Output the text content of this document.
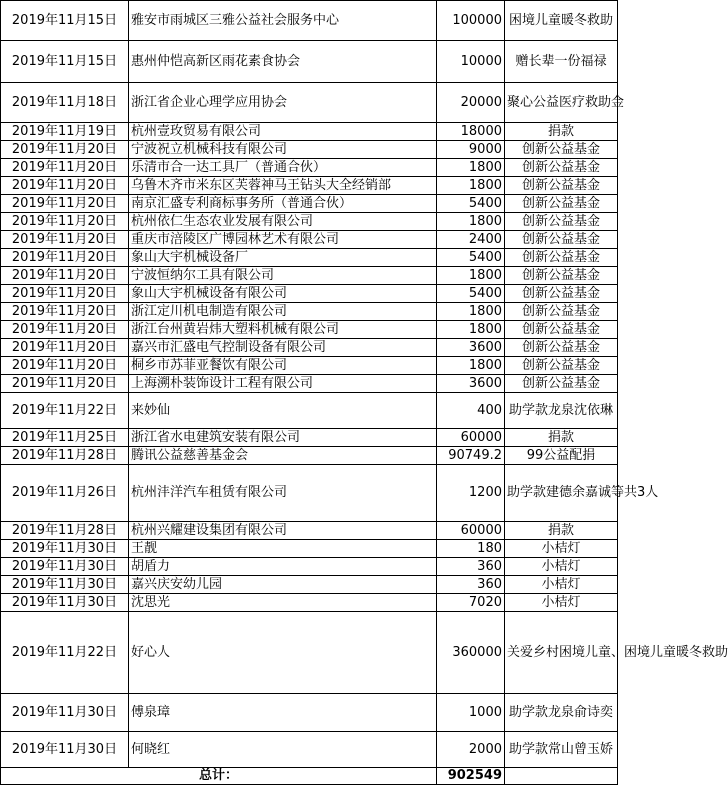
2019年11月15日	雅安市雨城区三雅公益社会服务中心	100000	困境儿童暖冬救助
2019年11月15日	惠州仲恺高新区雨花素食协会	10000	赠长辈一份福禄
2019年11月18日	浙江省企业心理学应用协会	20000	聚心公益医疗救助金
2019年11月19日	杭州壹玫贸易有限公司	18000	捐款
2019年11月20日	宁波祝立机械科技有限公司	9000	创新公益基金
2019年11月20日	乐清市合一达工具厂（普通合伙）	1800	创新公益基金
2019年11月20日	乌鲁木齐市米东区芙蓉神马王钻头大全经销部	1800	创新公益基金
2019年11月20日	南京汇盛专利商标事务所（普通合伙）	5400	创新公益基金
2019年11月20日	杭州依仁生态农业发展有限公司	1800	创新公益基金
2019年11月20日	重庆市涪陵区广博园林艺术有限公司	2400	创新公益基金
2019年11月20日	象山大宇机械设备厂	5400	创新公益基金
2019年11月20日	宁波恒纳尔工具有限公司	1800	创新公益基金
2019年11月20日	象山大宇机械设备有限公司	5400	创新公益基金
2019年11月20日	浙江定川机电制造有限公司	1800	创新公益基金
2019年11月20日	浙江台州黄岩炜大塑料机械有限公司	1800	创新公益基金
2019年11月20日	嘉兴市汇盛电气控制设备有限公司	3600	创新公益基金
2019年11月20日	桐乡市苏菲亚餐饮有限公司	1800	创新公益基金
2019年11月20日	上海溯朴装饰设计工程有限公司	3600	创新公益基金
2019年11月22日	来妙仙	400	助学款龙泉沈依琳
2019年11月25日	浙江省水电建筑安装有限公司	60000	捐款
2019年11月28日	腾讯公益慈善基金会	90749.2	99公益配捐
2019年11月26日	杭州沣洋汽车租赁有限公司	1200	助学款建德余嘉诚等共3人
2019年11月28日	杭州兴耀建设集团有限公司	60000	捐款
2019年11月30日	王靓	180	小桔灯
2019年11月30日	胡盾力	360	小桔灯
2019年11月30日	嘉兴庆安幼儿园	360	小桔灯
2019年11月30日	沈思光	7020	小桔灯
2019年11月22日	好心人	360000	关爱乡村困境儿童、困境儿童暖冬救助
2019年11月30日	傅泉璋	1000	助学款龙泉俞诗奕
2019年11月30日	何晓红	2000	助学款常山曾玉娇
总计：		902549	
